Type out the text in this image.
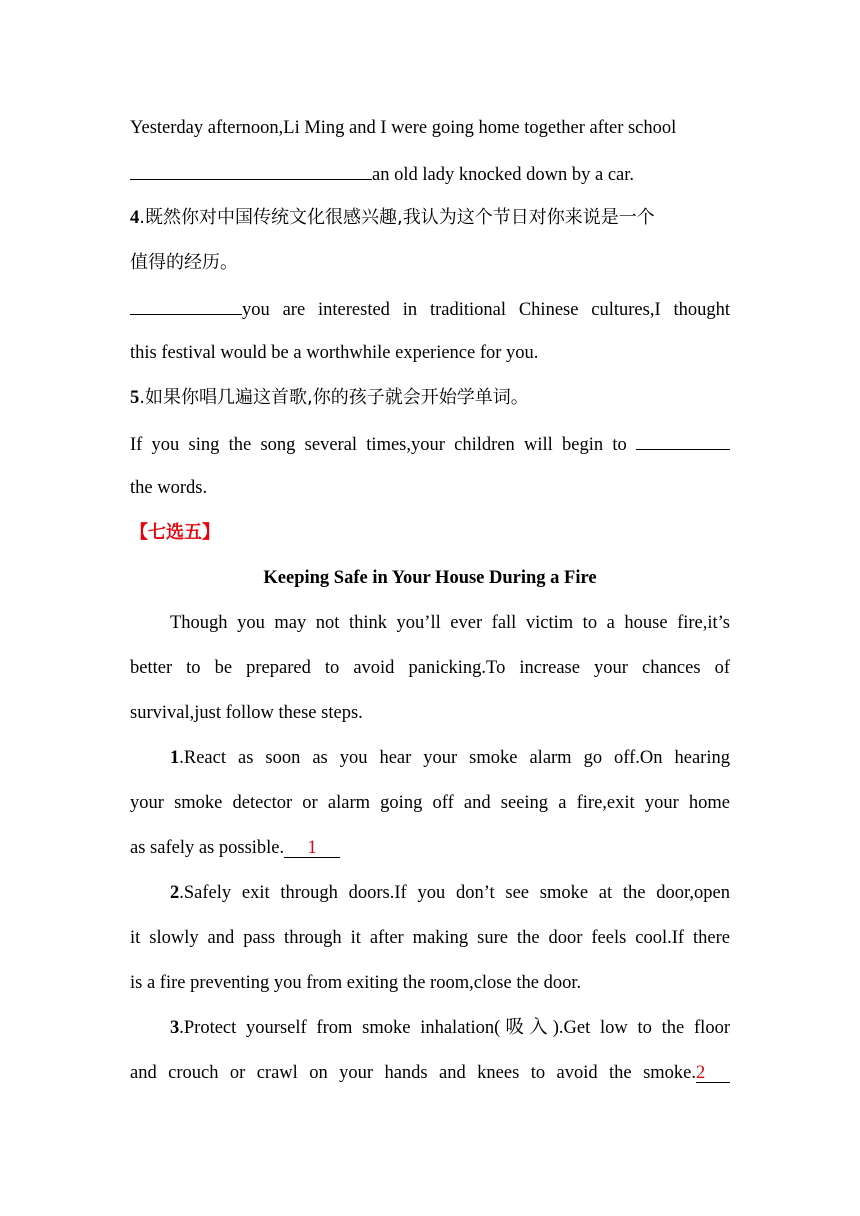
Yesterday afternoon,Li Ming and I were going home together after school
an old lady knocked down by a car.
4.既然你对中国传统文化很感兴趣,我认为这个节日对你来说是一个
值得的经历。
you are interested in traditional Chinese cultures,I thought
this festival would be a worthwhile experience for you.
5.如果你唱几遍这首歌,你的孩子就会开始学单词。
If you sing the song several times,your children will begin to
the words.
【七选五】
Keeping Safe in Your House During a Fire
Though you may not think you’ll ever fall victim to a house fire,it’s
better to be prepared to avoid panicking.To increase your chances of
survival,just follow these steps.
1.React as soon as you hear your smoke alarm go off.On hearing
your smoke detector or alarm going off and seeing a fire,exit your home
as safely as possible. 1
2.Safely exit through doors.If you don’t see smoke at the door,open
it slowly and pass through it after making sure the door feels cool.If there
is a fire preventing you from exiting the room,close the door.
3.Protect yourself from smoke inhalation(吸入).Get low to the floor
and crouch or crawl on your hands and knees to avoid the smoke.2
